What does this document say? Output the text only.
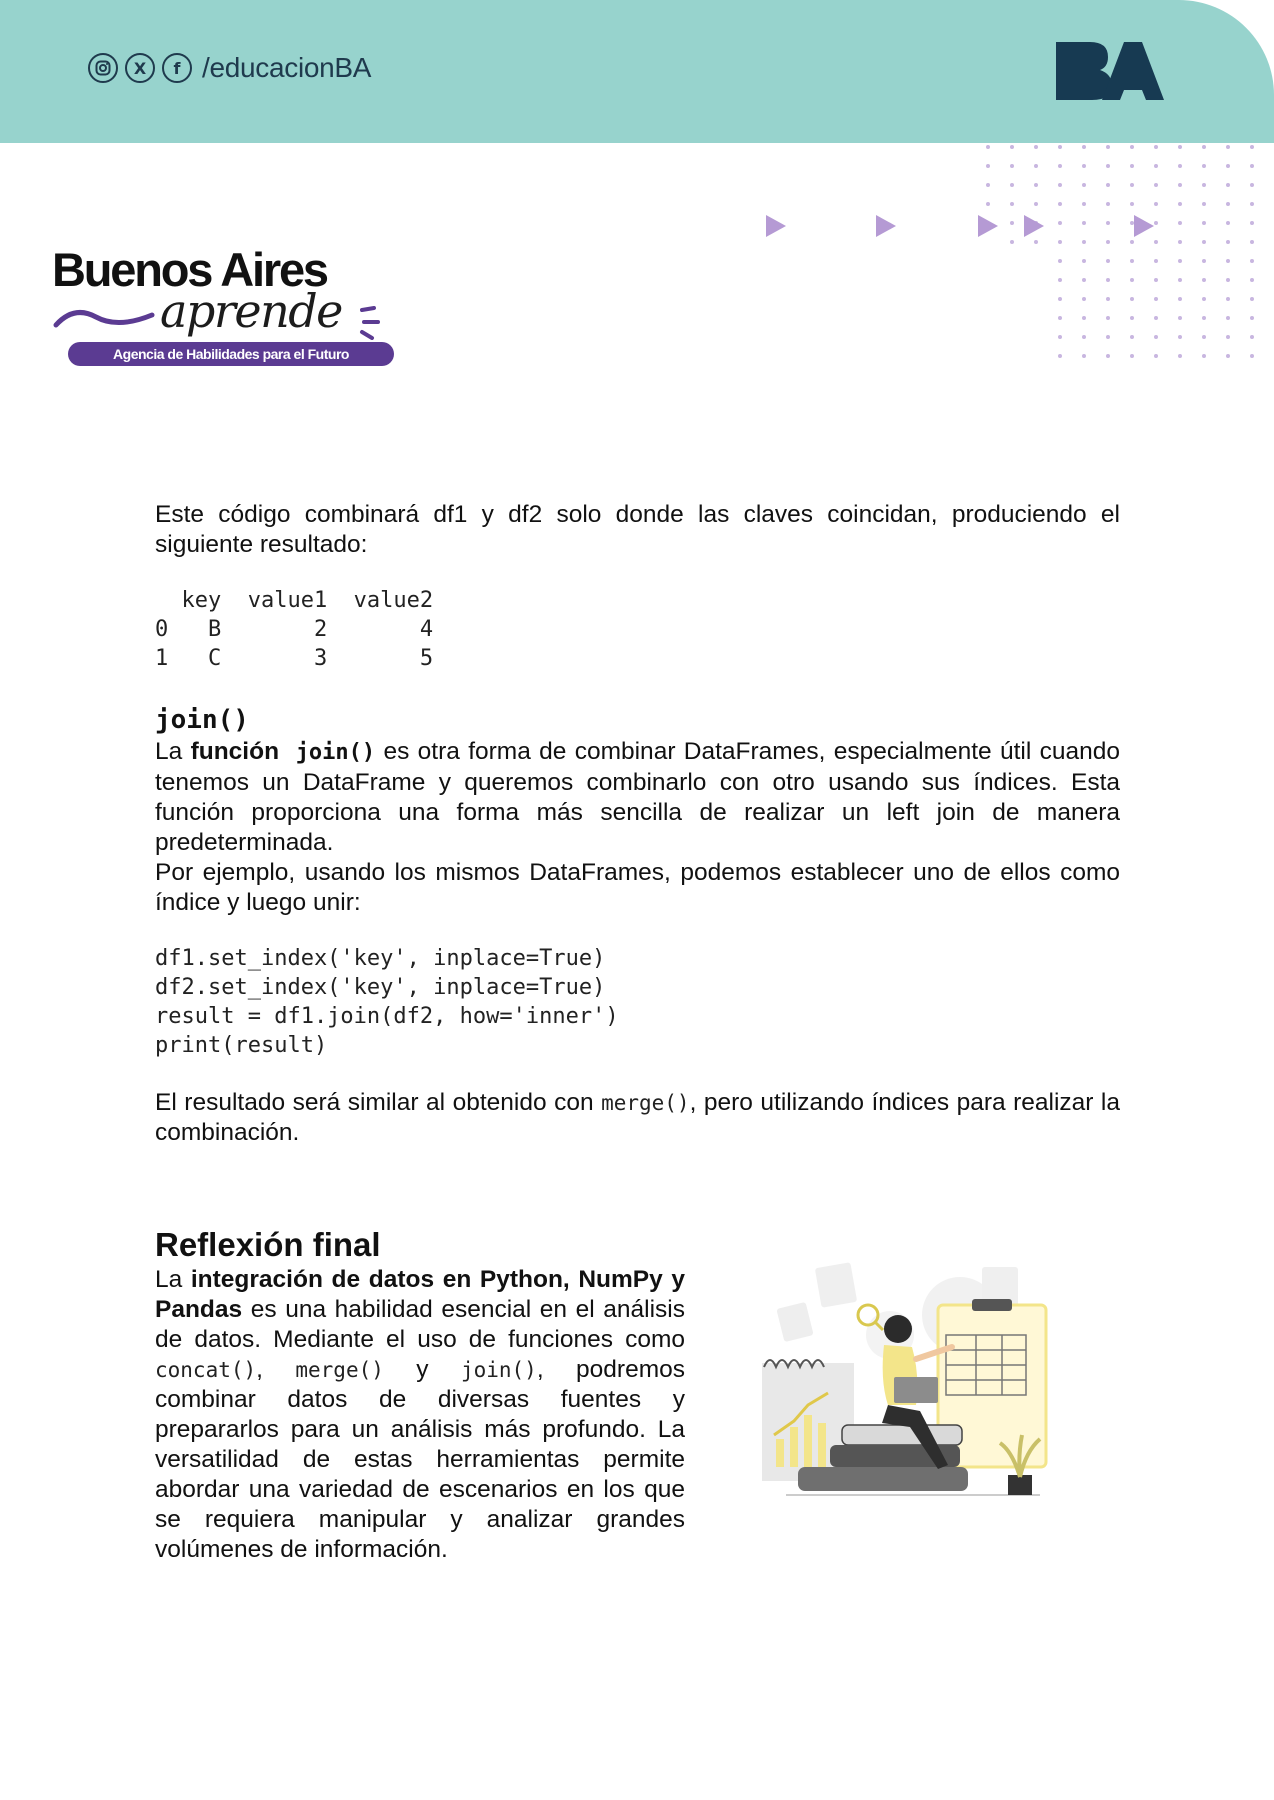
X f /educacionBA
BA
Buenos Aires
aprende
Agencia de Habilidades para el Futuro

Este código combinará df1 y df2 solo donde las claves coincidan, produciendo el siguiente resultado:

key  value1  value2
0   B       2       4
1   C       3       5

join()

La función join() es otra forma de combinar DataFrames, especialmente útil cuando tenemos un DataFrame y queremos combinarlo con otro usando sus índices. Esta función proporciona una forma más sencilla de realizar un left join de manera predeterminada.

Por ejemplo, usando los mismos DataFrames, podemos establecer uno de ellos como índice y luego unir:

df1.set_index('key', inplace=True)
df2.set_index('key', inplace=True)
result = df1.join(df2, how='inner')
print(result)

El resultado será similar al obtenido con merge(), pero utilizando índices para realizar la combinación.

Reflexión final

La integración de datos en Python, NumPy y Pandas es una habilidad esencial en el análisis de datos. Mediante el uso de funciones como concat(), merge() y join(), podremos combinar datos de diversas fuentes y prepararlos para un análisis más profundo. La versatilidad de estas herramientas permite abordar una variedad de escenarios en los que se requiera manipular y analizar grandes volúmenes de información.
